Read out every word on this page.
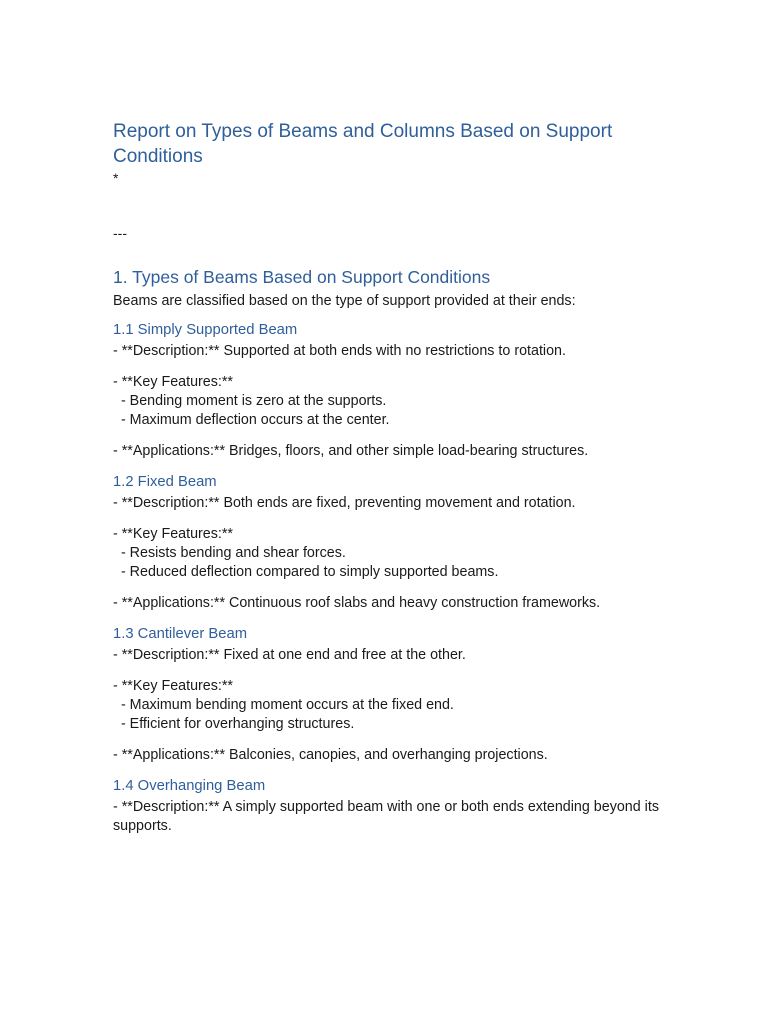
Report on Types of Beams and Columns Based on Support Conditions

*

---

1. Types of Beams Based on Support Conditions

Beams are classified based on the type of support provided at their ends:

1.1 Simply Supported Beam

- **Description:** Supported at both ends with no restrictions to rotation.

- **Key Features:**
- Bending moment is zero at the supports.
- Maximum deflection occurs at the center.

- **Applications:** Bridges, floors, and other simple load-bearing structures.

1.2 Fixed Beam

- **Description:** Both ends are fixed, preventing movement and rotation.

- **Key Features:**
- Resists bending and shear forces.
- Reduced deflection compared to simply supported beams.

- **Applications:** Continuous roof slabs and heavy construction frameworks.

1.3 Cantilever Beam

- **Description:** Fixed at one end and free at the other.

- **Key Features:**
- Maximum bending moment occurs at the fixed end.
- Efficient for overhanging structures.

- **Applications:** Balconies, canopies, and overhanging projections.

1.4 Overhanging Beam

- **Description:** A simply supported beam with one or both ends extending beyond its supports.
